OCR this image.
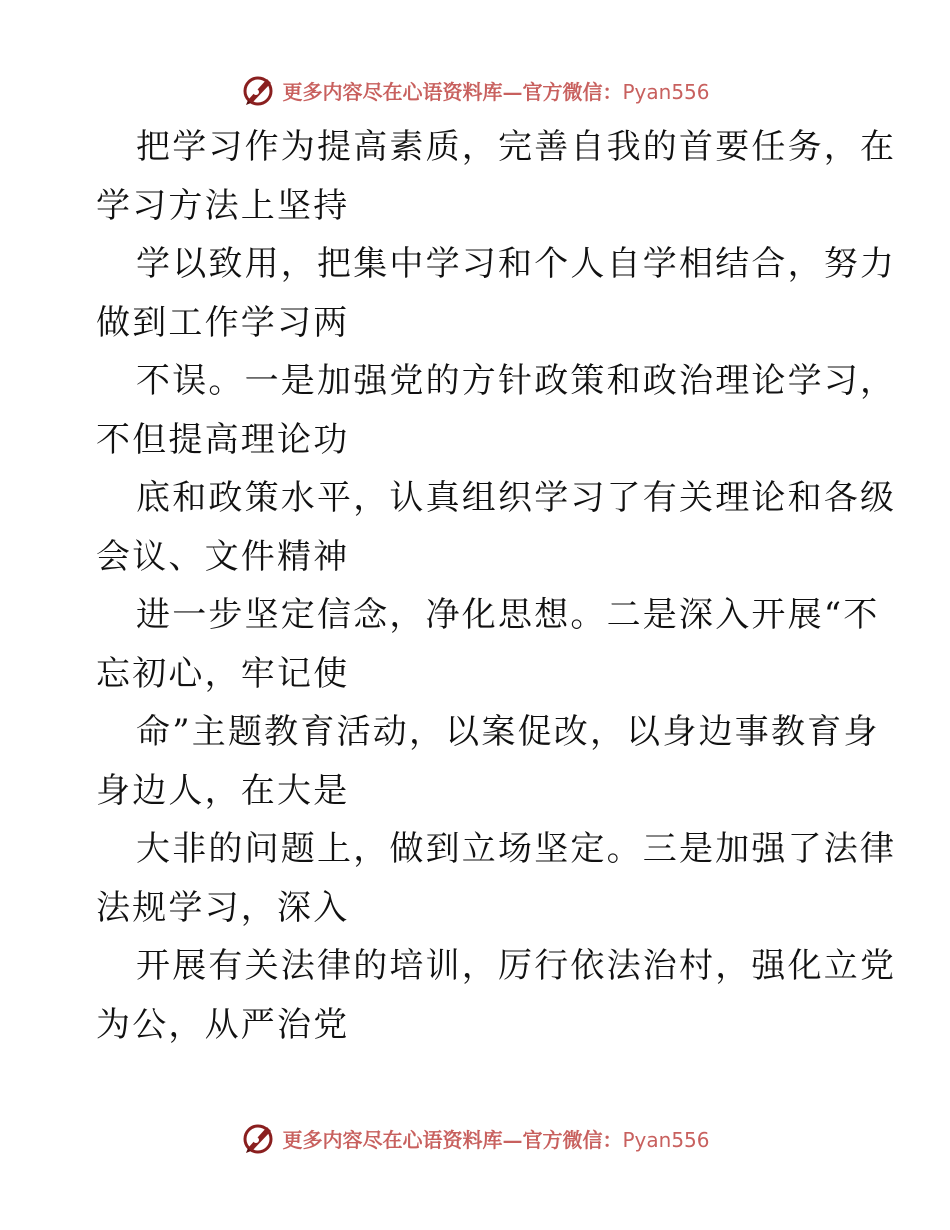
更多内容尽在心语资料库—官方微信：Pyan556

把学习作为提高素质，完善自我的首要任务，在
学习方法上坚持

学以致用，把集中学习和个人自学相结合，努力
做到工作学习两

不误。一是加强党的方针政策和政治理论学习，
不但提高理论功

底和政策水平，认真组织学习了有关理论和各级
会议、文件精神

进一步坚定信念，净化思想。二是深入开展“不
忘初心，牢记使

命”主题教育活动，以案促改，以身边事教育身
身边人，在大是

大非的问题上，做到立场坚定。三是加强了法律
法规学习，深入

开展有关法律的培训，厉行依法治村，强化立党
为公，从严治党

更多内容尽在心语资料库—官方微信：Pyan556
